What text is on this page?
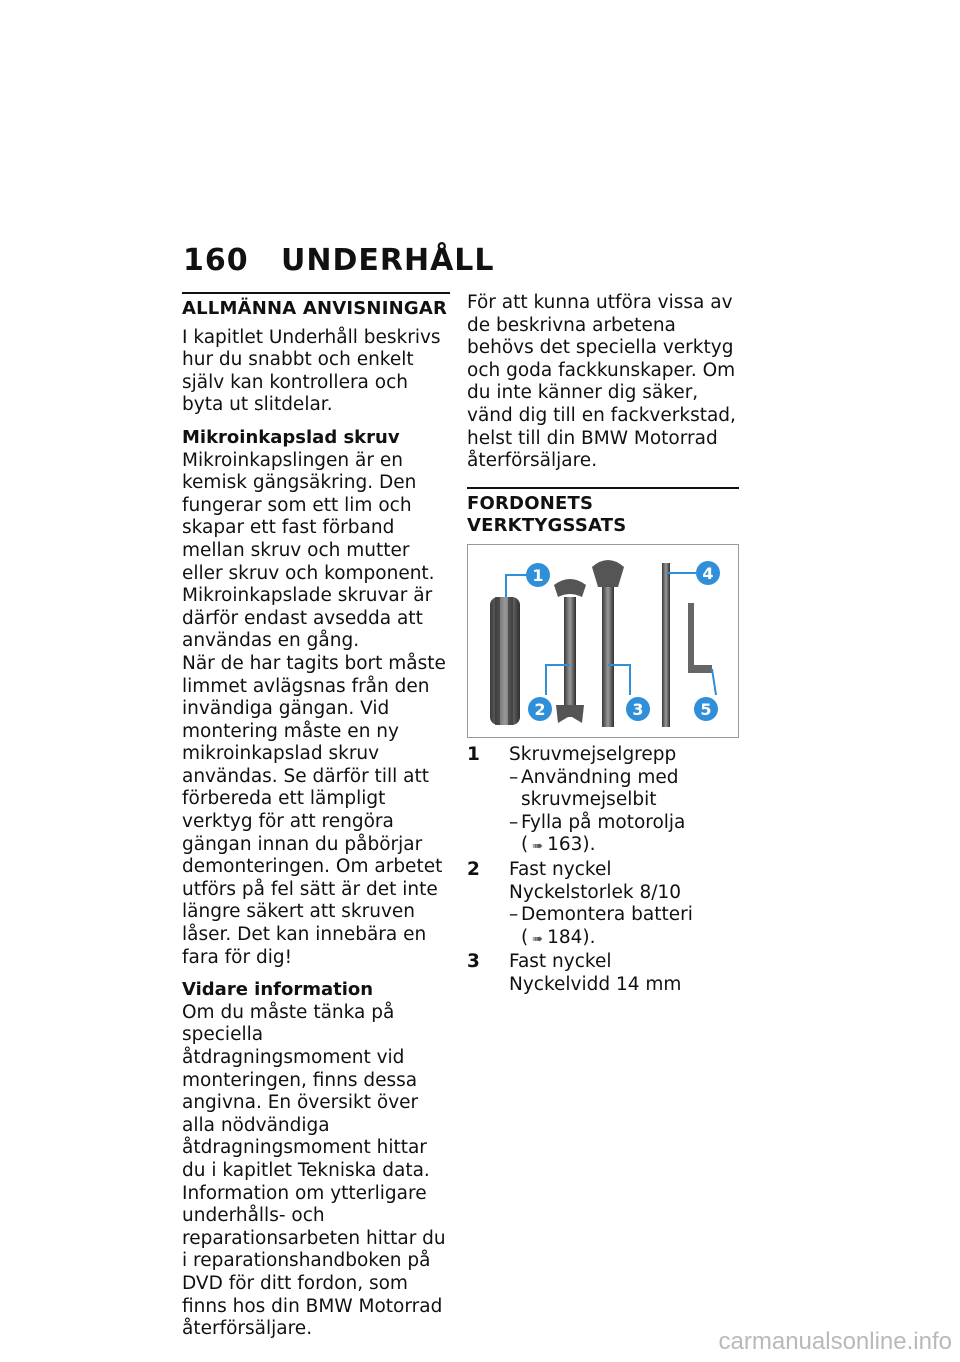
160 UNDERHÅLL
ALLMÄNNA ANVISNINGAR

I kapitlet Underhåll beskrivs hur du snabbt och enkelt själv kan kontrollera och byta ut slitdelar.

Mikroinkapslad skruv

Mikroinkapslingen är en kemisk gängsäkring. Den fungerar som ett lim och skapar ett fast förband mellan skruv och mutter eller skruv och komponent. Mikroinkapslade skruvar är därför endast avsedda att användas en gång.

När de har tagits bort måste limmet avlägsnas från den invändiga gängan. Vid montering måste en ny mikroinkapslad skruv användas. Se därför till att förbereda ett lämpligt verktyg för att rengöra gängan innan du påbörjar demonteringen. Om arbetet utförs på fel sätt är det inte längre säkert att skruven låser. Det kan innebära en fara för dig!

Vidare information

Om du måste tänka på speciella åtdragningsmoment vid monteringen, finns dessa angivna. En översikt över alla nödvändiga åtdragningsmoment hittar du i kapitlet Tekniska data.

Information om ytterligare underhålls- och reparationsarbeten hittar du i reparationshandboken på DVD för ditt fordon, som finns hos din BMW Motorrad återförsäljare.

För att kunna utföra vissa av de beskrivna arbetena behövs det speciella verktyg och goda fackkunskaper. Om du inte känner dig säker, vänd dig till en fackverkstad, helst till din BMW Motorrad återförsäljare.

FORDONETS VERKTYGSSATS
1
2	3
4
5
1	Skruvmejselgrepp
– Användning med skruvmejselbit
– Fylla på motorolja
( ➠ 163).
2	Fast nyckel
Nyckelstorlek 8/10
– Demontera batteri
( ➠ 184).
3	Fast nyckel
Nyckelvidd 14 mm
carmanualsonline.info
